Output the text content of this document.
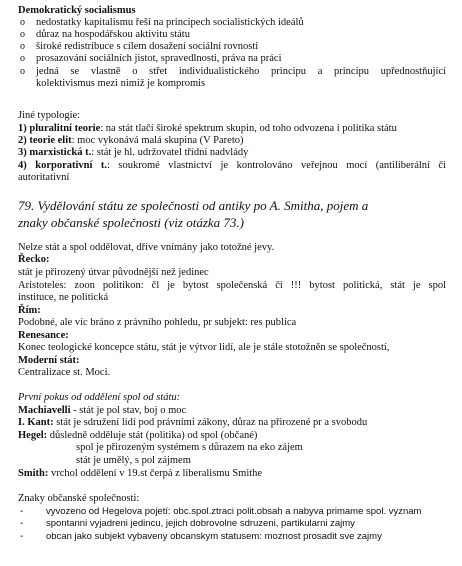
Demokratický socialismus
o nedostatky kapitalismu řeší na principech socialistických ideálů
o důraz na hospodářskou aktivitu státu
o široké redistribuce s cílem dosažení sociální rovnosti
o prosazování sociálních jistot, spravedlnosti, práva na práci
o jedná se vlastně o střet individualistického principu a principu upřednostňující
kolektivismus mezi nimiž je kompromis
Jiné typologie:
1) pluralitní teorie: na stát tlačí široké spektrum skupin, od toho odvozena i politika státu
2) teorie elit: moc vykonává malá skupina (V Pareto)
3) marxistická t.: stát je hl. udržovatel třídní nadvlády
4) korporativní t.: soukromé vlastnictví je kontrolováno veřejnou mocí (antiliberální či
autoritativní
79. Vydělování státu ze společnosti od antiky po A. Smitha, pojem a
znaky občanské společnosti (viz otázka 73.)
Nelze stát a spol oddělovat, dříve vnímány jako totožné jevy.
Řecko:
stát je přirozený útvar původnější než jedinec
Aristoteles: zoon politikon: čl je bytost společenská či !!! bytost politická, stát je spol
instituce, ne politická
Řím:
Podobné, ale víc bráno z právního pohledu, pr subjekt: res publica
Renesance:
Konec teologické koncepce státu, stát je výtvor lidí, ale je stále stotožněn se společností,
Moderní stát:
Centralizace st. Moci.
První pokus od oddělení spol od státu:
Machiavelli - stát je pol stav, boj o moc
I. Kant: stát je sdružení lidí pod právními zákony, důraz na přirozené pr a svobodu
Hegel: důsledně odděluje stát (politika) od spol (občané)
spol je přirozeným systémem s důrazem na eko zájem
stát je umělý, s pol zájmem
Smith: vrchol oddělení v 19.st čerpá z liberalismu Smithe
Znaky občanské společnosti:
- vyvozeno od Hegelova pojetí: obc.spol.ztraci polit.obsah a nabyva primame spol. vyznam
- spontanni vyjadreni jedincu, jejich dobrovolne sdruzeni, partikularni zajmy
- obcan jako subjekt vybaveny obcanskym statusem: moznost prosadit sve zajmy
